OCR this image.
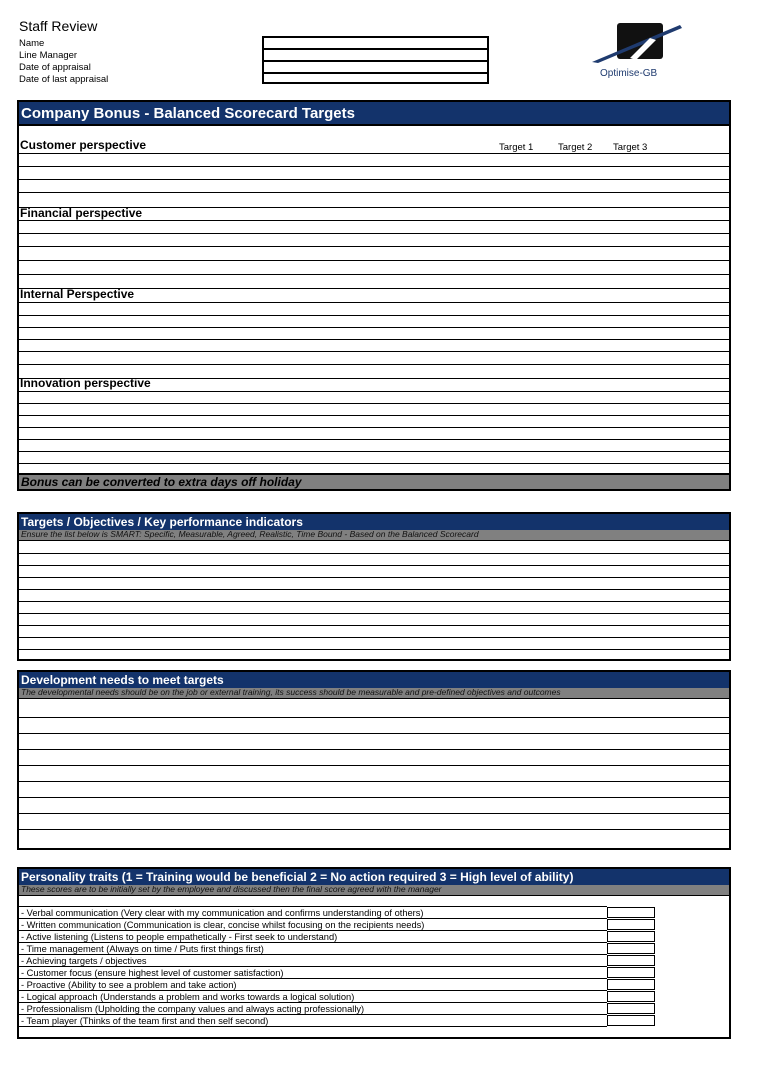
Staff Review
Name
Line Manager
Date of appraisal
Date of last appraisal
Optimise-GB
Company Bonus - Balanced Scorecard Targets
Customer perspective	Target 1	Target 2 Target 3
Financial perspective
Internal Perspective
Innovation perspective
Bonus can be converted to extra days off holiday
Targets / Objectives / Key performance indicators
Ensure the list below is SMART: Specific, Measurable, Agreed, Realistic, Time Bound - Based on the Balanced Scorecard
Development needs to meet targets
The developmental needs should be on the job or external training, its success should be measurable and pre-defined objectives and outcomes
Personality traits (1 = Training would be beneficial 2 = No action required 3 = High level of ability)
These scores are to be initially set by the employee and discussed then the final score agreed with the manager
- Verbal communication (Very clear with my communication and confirms understanding of others)
- Written communication (Communication is clear, concise whilst focusing on the recipients needs)
- Active listening (Listens to people empathetically - First seek to understand)
- Time management (Always on time / Puts first things first)
- Achieving targets / objectives
- Customer focus (ensure highest level of customer satisfaction)
- Proactive (Ability to see a problem and take action)
- Logical approach (Understands a problem and works towards a logical solution)
- Professionalism (Upholding the company values and always acting professionally)
- Team player (Thinks of the team first and then self second)
